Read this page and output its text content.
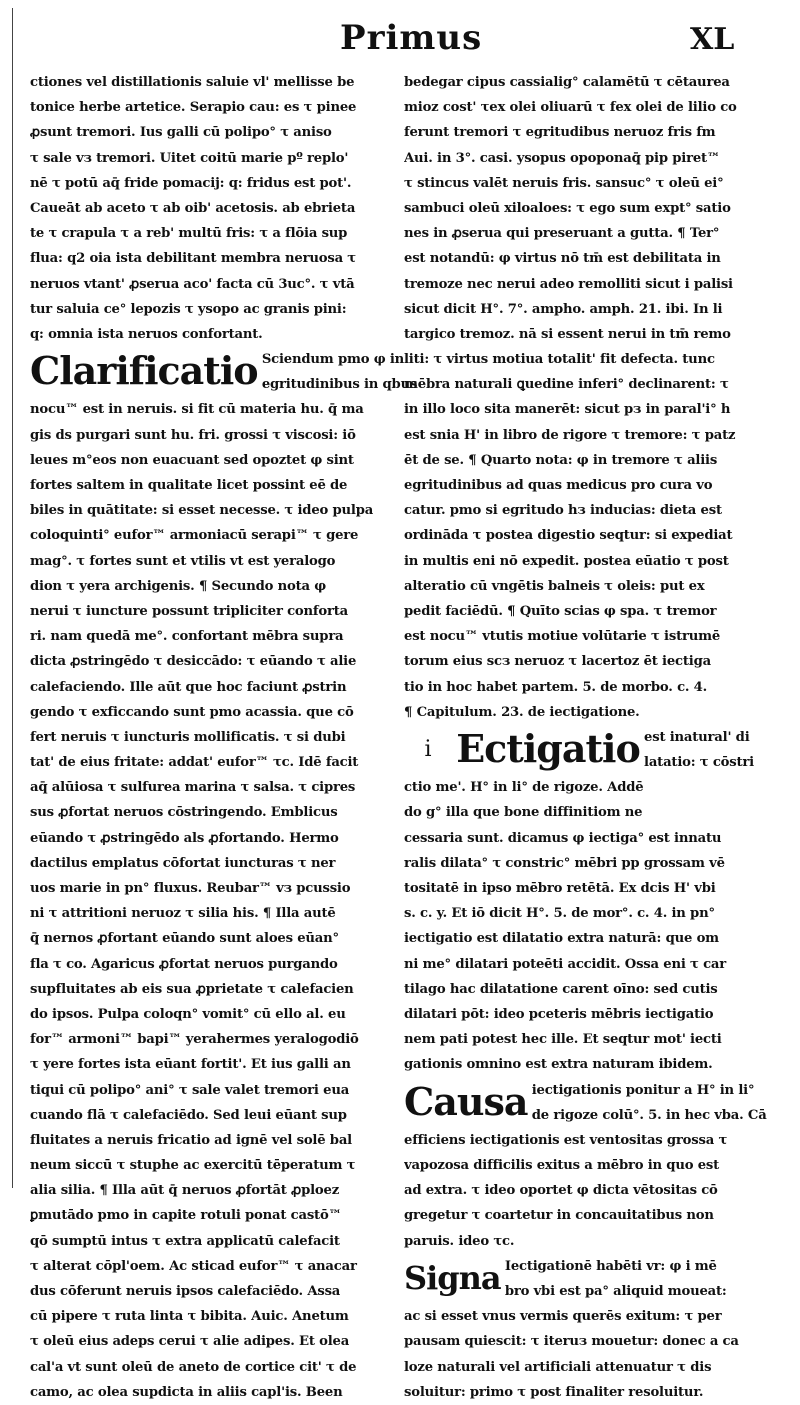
Primus	XL
ctiones vel distillationis saluie vl' mellisse be
tonice herbe artetice. Serapio cau: es τ pinee
ꝓsunt tremori. Ius galli cū polipo° τ aniso
τ sale vз tremori. Uitet coitū marie pº replo'
nē τ potū aq̄ fride pomacij: q: fridus est pot'.
Caueāt ab aceto τ ab oib' acetosis. ab ebrieta
te τ crapula τ a reb' multū fris: τ a flōia sup
flua: q2 oia ista debilitant membra neruosa τ
neruos vtant' ꝓserua aco' facta cū 3uc°. τ vtā
tur saluia ce° lepozis τ ysopo ac granis pini:
q: omnia ista neruos confortant.
Clarificatio Sciendum pmo φ in
egritudinibus in qbus
nocu™ est in neruis. si fit cū materia hu. q̄ ma
gis ds purgari sunt hu. fri. grossi τ viscosi: iō
leues m°eos non euacuant sed opoztet φ sint
fortes saltem in qualitate licet possint eē de
biles in quātitate: si esset necesse. τ ideo pulpa
coloquinti° eufor™ armoniacū serapi™ τ gere
mag°. τ fortes sunt et vtilis vt est yeralogo
dion τ yera archigenis. ¶ Secundo nota φ
nerui τ iuncture possunt tripliciter conforta
ri. nam quedā me°. confortant mēbra supra
dicta ꝓstringēdo τ desiccādo: τ eūando τ alie
calefaciendo. Ille aūt que hoc faciunt ꝓstrin
gendo τ exficcando sunt pmo acassia. que cō
fert neruis τ iuncturis mollificatis. τ si dubi
tat' de eius fritate: addat' eufor™ τc. Idē facit
aq̄ alūiosa τ sulfurea marina τ salsa. τ cipres
sus ꝓfortat neruos cōstringendo. Emblicus
eūando τ ꝓstringēdo als ꝓfortando. Hermo
dactilus emplatus cōfortat iuncturas τ ner
uos marie in pn° fluxus. Reubar™ vз pcussio
ni τ attritioni neruoz τ silia his. ¶ Illa autē
q̄ nernos ꝓfortant eūando sunt aloes eūan°
fla τ co. Agaricus ꝓfortat neruos purgando
supfluitates ab eis sua ꝓprietate τ calefacien
do ipsos. Pulpa colo​qn° vomit° cū ello al. eu
for™ armoni™ bapi™ yerahermes yeralogodiō
τ yere fortes ista eūant fortit'. Et ius galli an
tiqui cū polipo° ani° τ sale valet tremori eua
cuando flā τ calefaciēdo. Sed leui eūant sup
fluitates a neruis fricatio ad ignē vel solē bal
neum siccū τ stuphe ac exercitū tēperatum τ
alia silia. ¶ Illa aūt q̄ neruos ꝓfortāt ꝓploez
ꝑmutādo pmo in capite rotuli ponat castō™
qō sumptū intus τ extra applicatū calefacit
τ alterat cōpl'oem. Ac sticad eufor™ τ anacar
dus cōferunt neruis ipsos calefaciēdo. Assa
cū pipere τ ruta linta τ bibita. Auic. Anetum
τ oleū eius adeps cerui τ alie adipes. Et olea
cal'a vt sunt oleū de aneto de cortice cit' τ de
camo, ac olea supdicta in aliis capl'is. Been
bedegar cipus cassialig° calamētū τ cētaurea
mioz cost' τex olei oliuarū τ fex olei de lilio co
ferunt tremori τ egritudibus neruoz fris fm
Aui. in 3°. casi. ysopus opoponaq̄ pip piret™
τ stincus valēt neruis fris. sansuc° τ oleū ei°
sambuci oleū xiloaloes: τ ego sum expt° satio
nes in ꝓserua qui preseruant a gutta. ¶ Ter°
est notandū: φ virtus nō tm̄ est debilitata in
tremoze nec nerui adeo remolliti sicut i palisi
sicut dicit H°. 7°. ampho. amph. 21. ibi. In li
targico tremoz. nā si essent nerui in tm̄ remo
liti: τ virtus motiua totalit' fit defecta. tunc
mēbra naturali ꝗuedine inferi° declinarent: τ
in illo loco sita manerēt: sicut pз in paral'i° h
est snia H' in libro de rigore τ tremore: τ patz
ēt de se. ¶ Quarto nota: φ in tremore τ aliis
egritudinibus ad quas medicus pro cura vo
catur. pmo si egritudo hз inducias: dieta est
ordināda τ postea digestio seqtur: si expediat
in multis eni nō expedit. postea eūatio τ post
alteratio cū vngētis balneis τ oleis: put ex
pedit faciēdū. ¶ Quīto scias φ spa. τ tremor
est nocu™ vtutis motiue volūtarie τ istrumē
torum eius scз neruoz τ lacertoz ēt iectiga
tio in hoc habet partem. 5. de morbo. c. 4.
¶ Capitulum. 23. de iectigatione.
i Ectigatio est inatural' di
latatio: τ cōstri
ctio me'. H° in li° de rigoze. Addē
do g° illa que bone diffinitiom ne
cessaria sunt. dicamus φ iectiga° est innatu
ralis dilata° τ constric° mēbri pp grossam vē
tositatē in ipso mēbro retētā. Ex dcis H' vbi
s. c. y. Et iō dicit H°. 5. de mor°. c. 4. in pn°
iectigatio est dilatatio extra naturā: que om
ni me° dilatari poteēti accidit. Ossa eni τ car
tilago hac dilatatione carent oīno: sed cutis
dilatari pōt: ideo pceteris mēbris iectigatio
nem pati potest hec ille. Et seqtur mot' iecti
gationis omnino est extra naturam ibidem.
Causa iectigationis ponitur a H° in li°
de rigoze colū°. 5. in hec vba. Cā
efficiens iectigationis est ventositas grossa τ
vapozosa difficilis exitus a mēbro in quo est
ad extra. τ ideo oportet φ dicta vētositas cō
gregetur τ coartetur in concauitatibus non
paruis. ideo τc.
Signa Iectigationē habēti vr: φ i mē
bro vbi est pa° aliquid moueat:
ac si esset vnus vermis querēs exitum: τ per
pausam quiescit: τ iteruз mouetur: donec a ca
loze naturali vel artificiali attenuatur τ dis
soluitur: primo τ post finaliter resoluitur.
